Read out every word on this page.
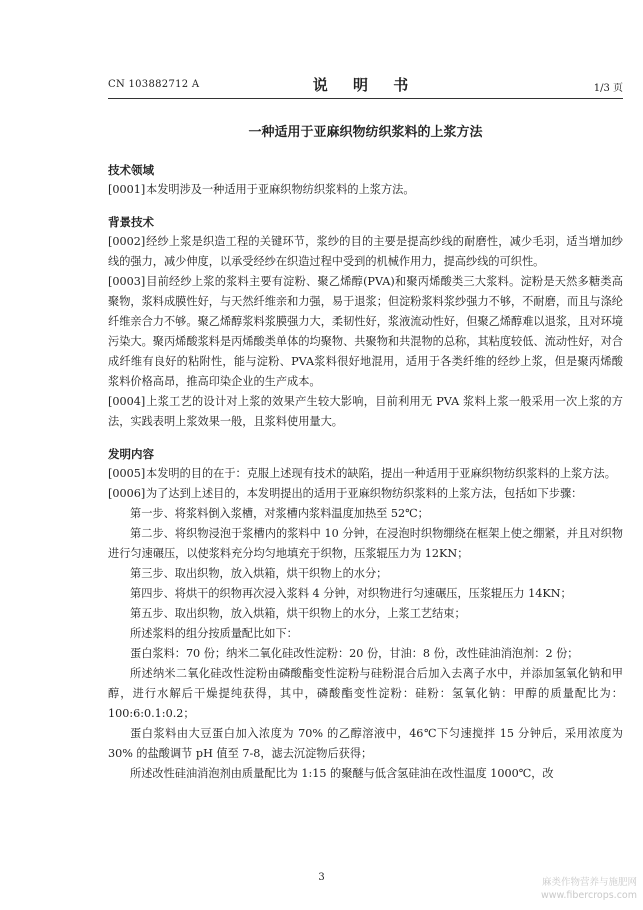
CN 103882712 A	说 明 书	1/3 页
一种适用于亚麻织物纺织浆料的上浆方法

技术领域

[0001]本发明涉及一种适用于亚麻织物纺织浆料的上浆方法。

背景技术

[0002]经纱上浆是织造工程的关键环节，浆纱的目的主要是提高纱线的耐磨性，减少毛羽，适当增加纱线的强力，减少伸度，以承受经纱在织造过程中受到的机械作用力，提高纱线的可织性。

[0003]目前经纱上浆的浆料主要有淀粉、聚乙烯醇(PVA)和聚丙烯酸类三大浆料。淀粉是天然多糖类高聚物，浆料成膜性好，与天然纤维亲和力强，易于退浆；但淀粉浆料浆纱强力不够，不耐磨，而且与涤纶纤维亲合力不够。聚乙烯醇浆料浆膜强力大，柔韧性好，浆液流动性好，但聚乙烯醇难以退浆，且对环境污染大。聚丙烯酸浆料是丙烯酸类单体的均聚物、共聚物和共混物的总称，其粘度较低、流动性好，对合成纤维有良好的粘附性，能与淀粉、PVA浆料很好地混用，适用于各类纤维的经纱上浆，但是聚丙烯酸浆料价格高昂，推高印染企业的生产成本。

[0004]上浆工艺的设计对上浆的效果产生较大影响，目前利用无 PVA 浆料上浆一般采用一次上浆的方法，实践表明上浆效果一般，且浆料使用量大。

发明内容

[0005]本发明的目的在于：克服上述现有技术的缺陷，提出一种适用于亚麻织物纺织浆料的上浆方法。

[0006]为了达到上述目的，本发明提出的适用于亚麻织物纺织浆料的上浆方法，包括如下步骤：

第一步、将浆料倒入浆槽，对浆槽内浆料温度加热至 52℃；

第二步、将织物浸泡于浆槽内的浆料中 10 分钟，在浸泡时织物绷绕在框架上使之绷紧，并且对织物进行匀速碾压，以使浆料充分均匀地填充于织物，压浆辊压力为 12KN；

第三步、取出织物，放入烘箱，烘干织物上的水分；

第四步、将烘干的织物再次浸入浆料 4 分钟，对织物进行匀速碾压，压浆辊压力 14KN；

第五步、取出织物，放入烘箱，烘干织物上的水分，上浆工艺结束；

所述浆料的组分按质量配比如下：

蛋白浆料：70 份；纳米二氧化硅改性淀粉：20 份，甘油：8 份，改性硅油消泡剂：2 份；

所述纳米二氧化硅改性淀粉由磷酸酯变性淀粉与硅粉混合后加入去离子水中，并添加氢氧化钠和甲醇，进行水解后干燥提纯获得，其中，磷酸酯变性淀粉：硅粉：氢氧化钠：甲醇的质量配比为：100:6:0.1:0.2；

蛋白浆料由大豆蛋白加入浓度为 70% 的乙醇溶液中，46℃下匀速搅拌 15 分钟后，采用浓度为 30% 的盐酸调节 pH 值至 7-8，滤去沉淀物后获得；

所述改性硅油消泡剂由质量配比为 1:15 的聚醚与低含氢硅油在改性温度 1000℃，改

3	麻类作物营养与施肥网
www.fibercrops.com
